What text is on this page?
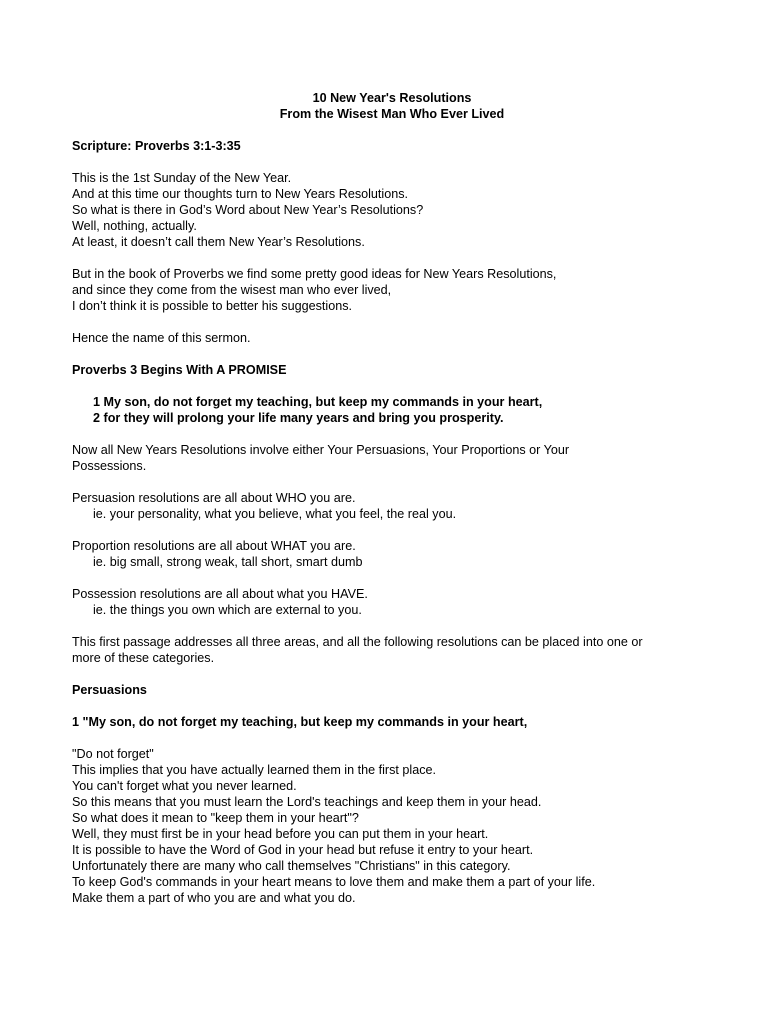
10 New Year's Resolutions
From the Wisest Man Who Ever Lived
Scripture: Proverbs 3:1-3:35
This is the 1st Sunday of the New Year.
And at this time our thoughts turn to New Years Resolutions.
So what is there in God’s Word about New Year’s Resolutions?
Well, nothing, actually.
At least, it doesn’t call them New Year’s Resolutions.
But in the book of Proverbs we find some pretty good ideas for New Years Resolutions,
and since they come from the wisest man who ever lived,
I don’t think it is possible to better his suggestions.
Hence the name of this sermon.
Proverbs 3 Begins With A PROMISE
1 My son, do not forget my teaching, but keep my commands in your heart,
2 for they will prolong your life many years and bring you prosperity.
Now all New Years Resolutions involve either Your Persuasions, Your Proportions or Your
Possessions.
Persuasion resolutions are all about WHO you are.
ie. your personality, what you believe, what you feel, the real you.
Proportion resolutions are all about WHAT you are.
ie. big small, strong weak, tall short, smart dumb
Possession resolutions are all about what you HAVE.
ie. the things you own which are external to you.
This first passage addresses all three areas, and all the following resolutions can be placed into one or
more of these categories.
Persuasions
1 "My son, do not forget my teaching, but keep my commands in your heart,
"Do not forget"
This implies that you have actually learned them in the first place.
You can't forget what you never learned.
So this means that you must learn the Lord's teachings and keep them in your head.
So what does it mean to "keep them in your heart"?
Well, they must first be in your head before you can put them in your heart.
It is possible to have the Word of God in your head but refuse it entry to your heart.
Unfortunately there are many who call themselves "Christians" in this category.
To keep God's commands in your heart means to love them and make them a part of your life.
Make them a part of who you are and what you do.
